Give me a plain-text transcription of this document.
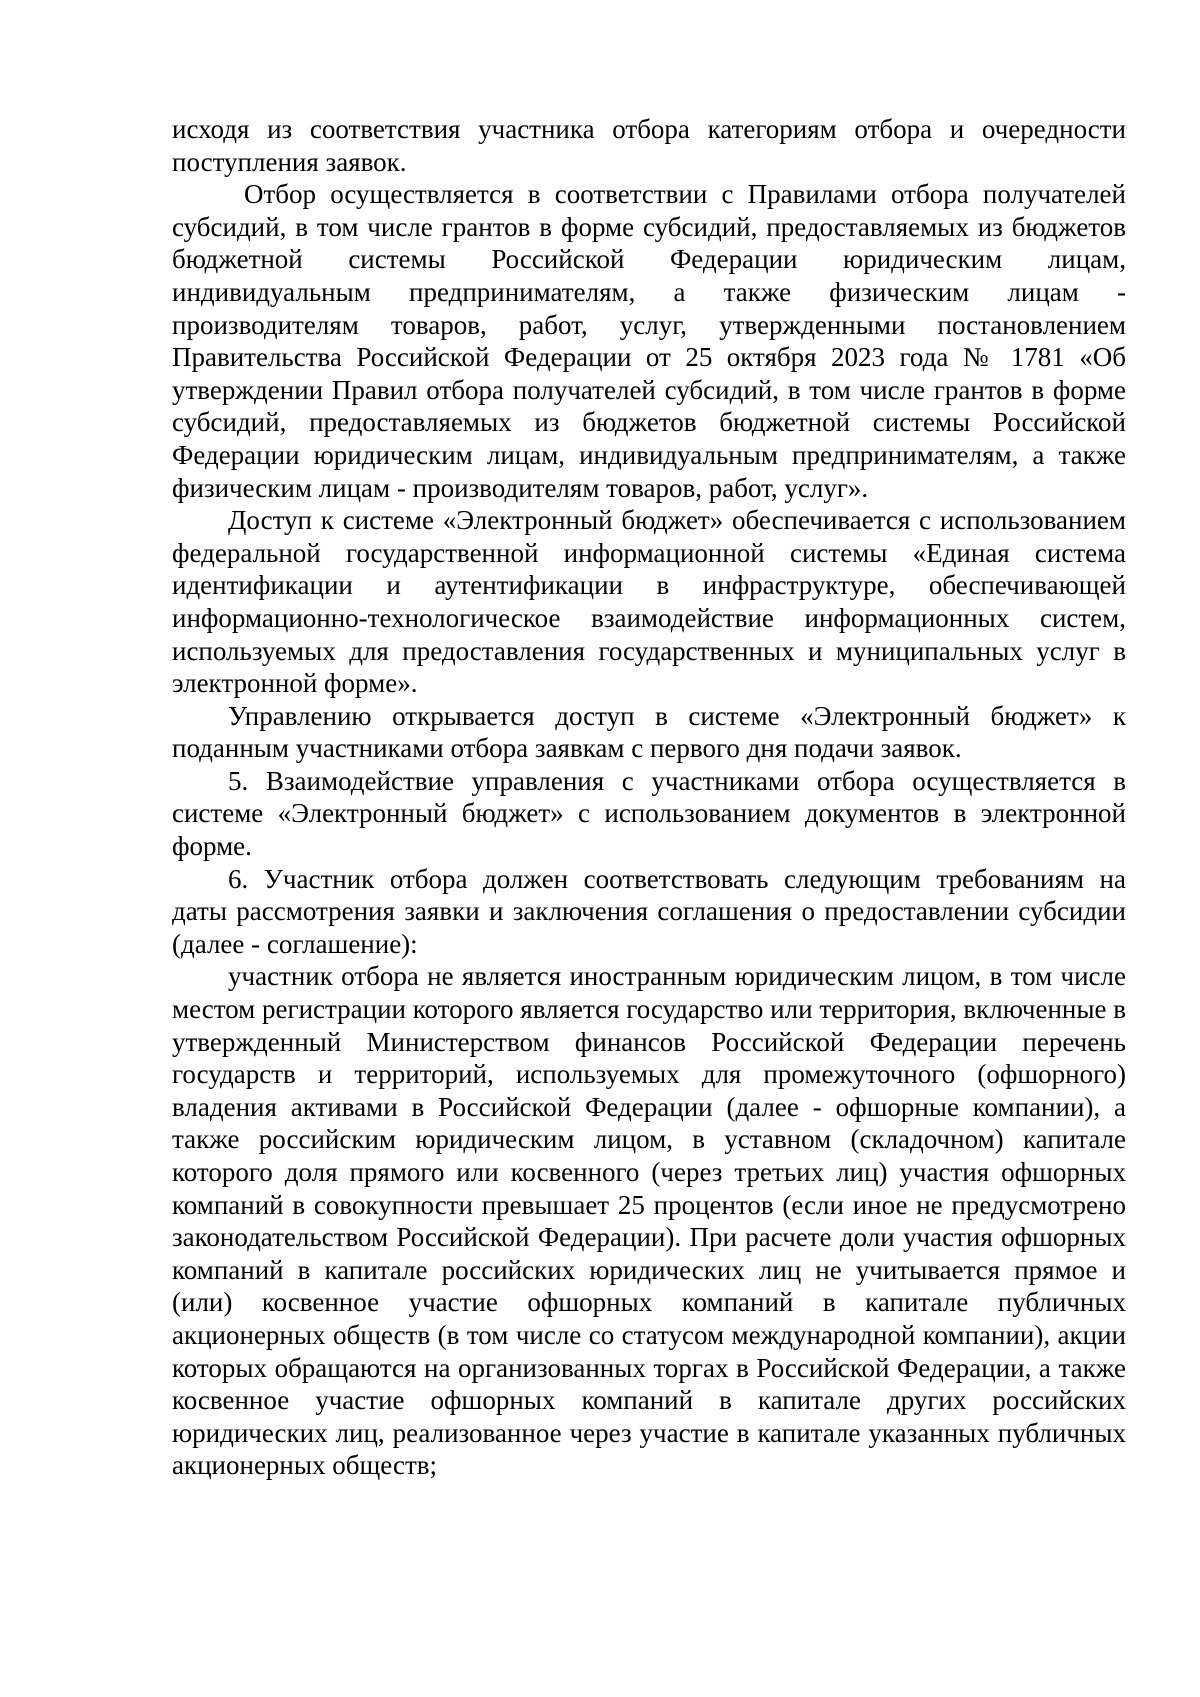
исходя из соответствия участника отбора категориям отбора и очередности поступления заявок.

Отбор осуществляется в соответствии с Правилами отбора получателей субсидий, в том числе грантов в форме субсидий, предоставляемых из бюджетов бюджетной системы Российской Федерации юридическим лицам, индивидуальным предпринимателям, а также физическим лицам - производителям товаров, работ, услуг, утвержденными постановлением Правительства Российской Федерации от 25 октября 2023 года № 1781 «Об утверждении Правил отбора получателей субсидий, в том числе грантов в форме субсидий, предоставляемых из бюджетов бюджетной системы Российской Федерации юридическим лицам, индивидуальным предпринимателям, а также физическим лицам - производителям товаров, работ, услуг».

Доступ к системе «Электронный бюджет» обеспечивается с использованием федеральной государственной информационной системы «Единая система идентификации и аутентификации в инфраструктуре, обеспечивающей информационно-технологическое взаимодействие информационных систем, используемых для предоставления государственных и муниципальных услуг в электронной форме».

Управлению открывается доступ в системе «Электронный бюджет» к поданным участниками отбора заявкам с первого дня подачи заявок.

5. Взаимодействие управления с участниками отбора осуществляется в системе «Электронный бюджет» с использованием документов в электронной форме.

6. Участник отбора должен соответствовать следующим требованиям на даты рассмотрения заявки и заключения соглашения о предоставлении субсидии (далее - соглашение):

участник отбора не является иностранным юридическим лицом, в том числе местом регистрации которого является государство или территория, включенные в утвержденный Министерством финансов Российской Федерации перечень государств и территорий, используемых для промежуточного (офшорного) владения активами в Российской Федерации (далее - офшорные компании), а также российским юридическим лицом, в уставном (складочном) капитале которого доля прямого или косвенного (через третьих лиц) участия офшорных компаний в совокупности превышает 25 процентов (если иное не предусмотрено законодательством Российской Федерации). При расчете доли участия офшорных компаний в капитале российских юридических лиц не учитывается прямое и (или) косвенное участие офшорных компаний в капитале публичных акционерных обществ (в том числе со статусом международной компании), акции которых обращаются на организованных торгах в Российской Федерации, а также косвенное участие офшорных компаний в капитале других российских юридических лиц, реализованное через участие в капитале указанных публичных акционерных обществ;
